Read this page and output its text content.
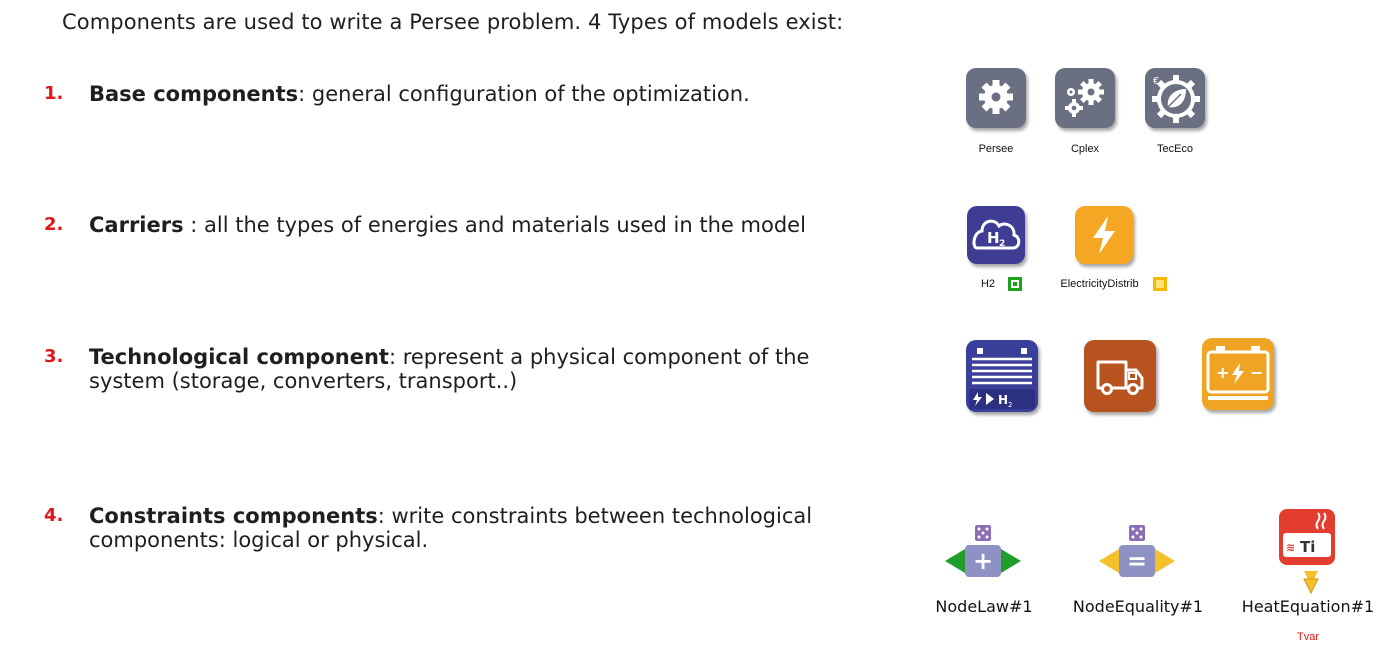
Components are used to write a Persee problem. 4 Types of models exist:
1.	Base components: general configuration of the optimization.
2.	Carriers : all the types of energies and materials used in the model
3.	Technological component: represent a physical component of the system (storage, converters, transport..)
4.	Constraints components: write constraints between technological components: logical or physical.
Persee	Cplex
€
TecEco
H 2
H2	ElectricityDistrib
H 2
+ −
+
NodeLaw#1
=
NodeEquality#1
≋ Ti
HeatEquation#1
Tvar
